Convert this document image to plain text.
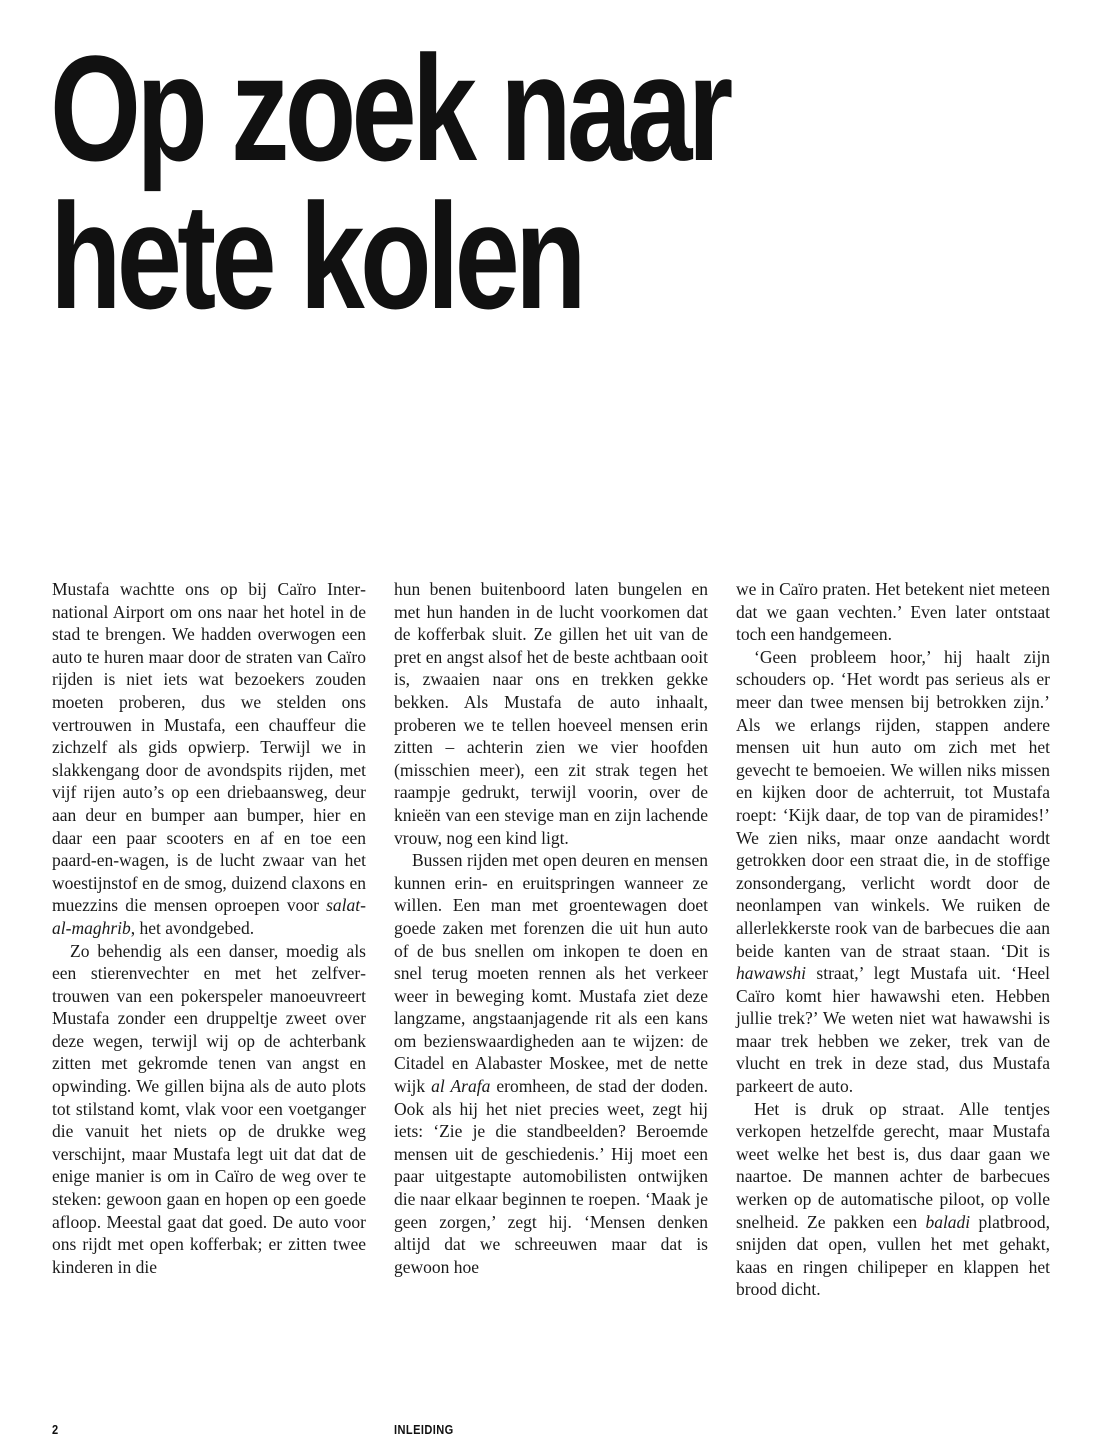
Op zoek naar
hete kolen

Mustafa wachtte ons op bij Caïro International Airport om ons naar het hotel in de stad te brengen. We hadden overwogen een auto te huren maar door de straten van Caïro rijden is niet iets wat bezoekers zouden moeten proberen, dus we stelden ons vertrouwen in Mustafa, een chauffeur die zichzelf als gids opwierp. Terwijl we in slakkengang door de avondspits rijden, met vijf rijen auto’s op een driebaansweg, deur aan deur en bumper aan bumper, hier en daar een paar scooters en af en toe een paard-en-wagen, is de lucht zwaar van het woestijnstof en de smog, duizend claxons en muezzins die mensen oproepen voor salat-al-maghrib, het avondgebed.

Zo behendig als een danser, moedig als een stierenvechter en met het zelfvertrouwen van een pokerspeler manoeuvreert Mustafa zonder een druppeltje zweet over deze wegen, terwijl wij op de achterbank zitten met gekromde tenen van angst en opwinding. We gillen bijna als de auto plots tot stilstand komt, vlak voor een voetganger die vanuit het niets op de drukke weg verschijnt, maar Mustafa legt uit dat dat de enige manier is om in Caïro de weg over te steken: gewoon gaan en hopen op een goede afloop. Meestal gaat dat goed. De auto voor ons rijdt met open kofferbak; er zitten twee kinderen in die

hun benen buitenboord laten bungelen en met hun handen in de lucht voorkomen dat de kofferbak sluit. Ze gillen het uit van de pret en angst alsof het de beste achtbaan ooit is, zwaaien naar ons en trekken gekke bekken. Als Mustafa de auto inhaalt, proberen we te tellen hoeveel mensen erin zitten – achterin zien we vier hoofden (misschien meer), een zit strak tegen het raampje gedrukt, terwijl voorin, over de knieën van een stevige man en zijn lachende vrouw, nog een kind ligt.

Bussen rijden met open deuren en mensen kunnen erin- en eruitspringen wanneer ze willen. Een man met groentewagen doet goede zaken met forenzen die uit hun auto of de bus snellen om inkopen te doen en snel terug moeten rennen als het verkeer weer in beweging komt. Mustafa ziet deze langzame, angstaanjagende rit als een kans om bezienswaardigheden aan te wijzen: de Citadel en Alabaster Moskee, met de nette wijk al Arafa eromheen, de stad der doden. Ook als hij het niet precies weet, zegt hij iets: ‘Zie je die standbeelden? Beroemde mensen uit de geschiedenis.’ Hij moet een paar uitgestapte automobilisten ontwijken die naar elkaar beginnen te roepen. ‘Maak je geen zorgen,’ zegt hij. ‘Mensen denken altijd dat we schreeuwen maar dat is gewoon hoe

we in Caïro praten. Het betekent niet meteen dat we gaan vechten.’ Even later ontstaat toch een handgemeen.

‘Geen probleem hoor,’ hij haalt zijn schouders op. ‘Het wordt pas serieus als er meer dan twee mensen bij betrokken zijn.’ Als we erlangs rijden, stappen andere mensen uit hun auto om zich met het gevecht te bemoeien. We willen niks missen en kijken door de achterruit, tot Mustafa roept: ‘Kijk daar, de top van de piramides!’ We zien niks, maar onze aandacht wordt getrokken door een straat die, in de stoffige zonsondergang, verlicht wordt door de neonlampen van winkels. We ruiken de allerlekkerste rook van de barbecues die aan beide kanten van de straat staan. ‘Dit is hawawshi straat,’ legt Mustafa uit. ‘Heel Caïro komt hier hawawshi eten. Hebben jullie trek?’ We weten niet wat hawawshi is maar trek hebben we zeker, trek van de vlucht en trek in deze stad, dus Mustafa parkeert de auto.

Het is druk op straat. Alle tentjes verkopen hetzelfde gerecht, maar Mustafa weet welke het best is, dus daar gaan we naartoe. De mannen achter de barbecues werken op de automatische piloot, op volle snelheid. Ze pakken een baladi platbrood, snijden dat open, vullen het met gehakt, kaas en ringen chilipeper en klappen het brood dicht.

2	INLEIDING
